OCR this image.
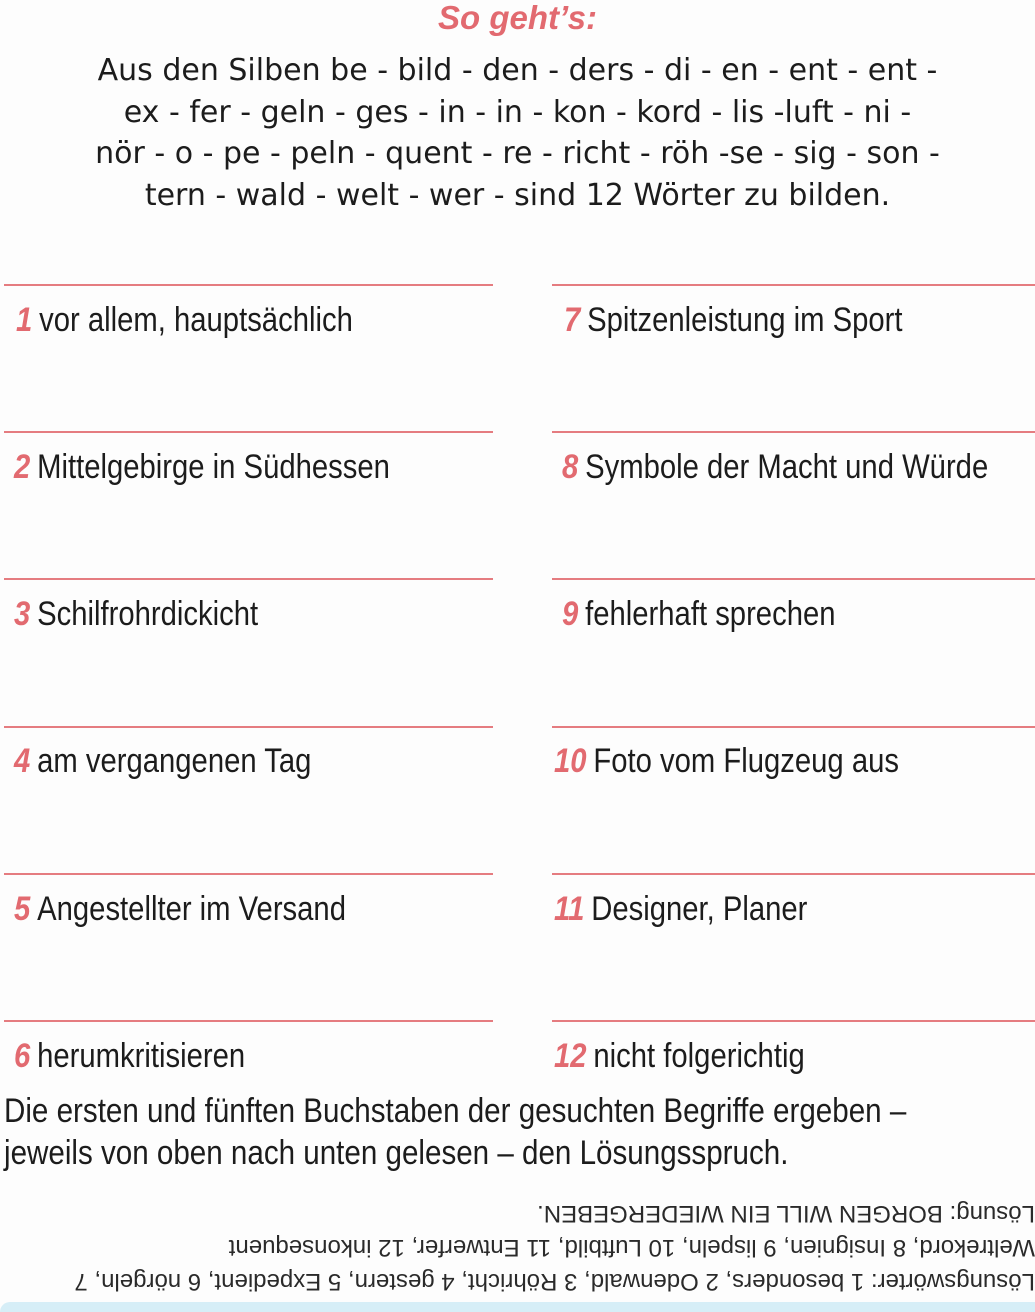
So geht’s:
Aus den Silben be - bild - den - ders - di - en - ent - ent -
ex - fer - geln - ges - in - in - kon - kord - lis -luft - ni -
nör - o - pe - peln - quent - re - richt - röh -se - sig - son -
tern - wald - welt - wer - sind 12 Wörter zu bilden.
1 vor allem, hauptsächlich
2 Mittelgebirge in Südhessen
3 Schilfrohrdickicht
4 am vergangenen Tag
5 Angestellter im Versand
6 herumkritisieren
7 Spitzenleistung im Sport
8 Symbole der Macht und Würde
9 fehlerhaft sprechen
10 Foto vom Flugzeug aus
11 Designer, Planer
12 nicht folgerichtig
Die ersten und fünften Buchstaben der gesuchten Begriffe ergeben –
jeweils von oben nach unten gelesen – den Lösungsspruch.
Lösungswörter: 1 besonders, 2 Odenwald, 3 Röhricht, 4 gestern, 5 Expedient, 6 nörgeln, 7
Weltrekord, 8 Insignien, 9 lispeln, 10 Luftbild, 11 Entwerfer, 12 inkonsequent
Lösung: BORGEN WILL EIN WIEDERGEBEN.
